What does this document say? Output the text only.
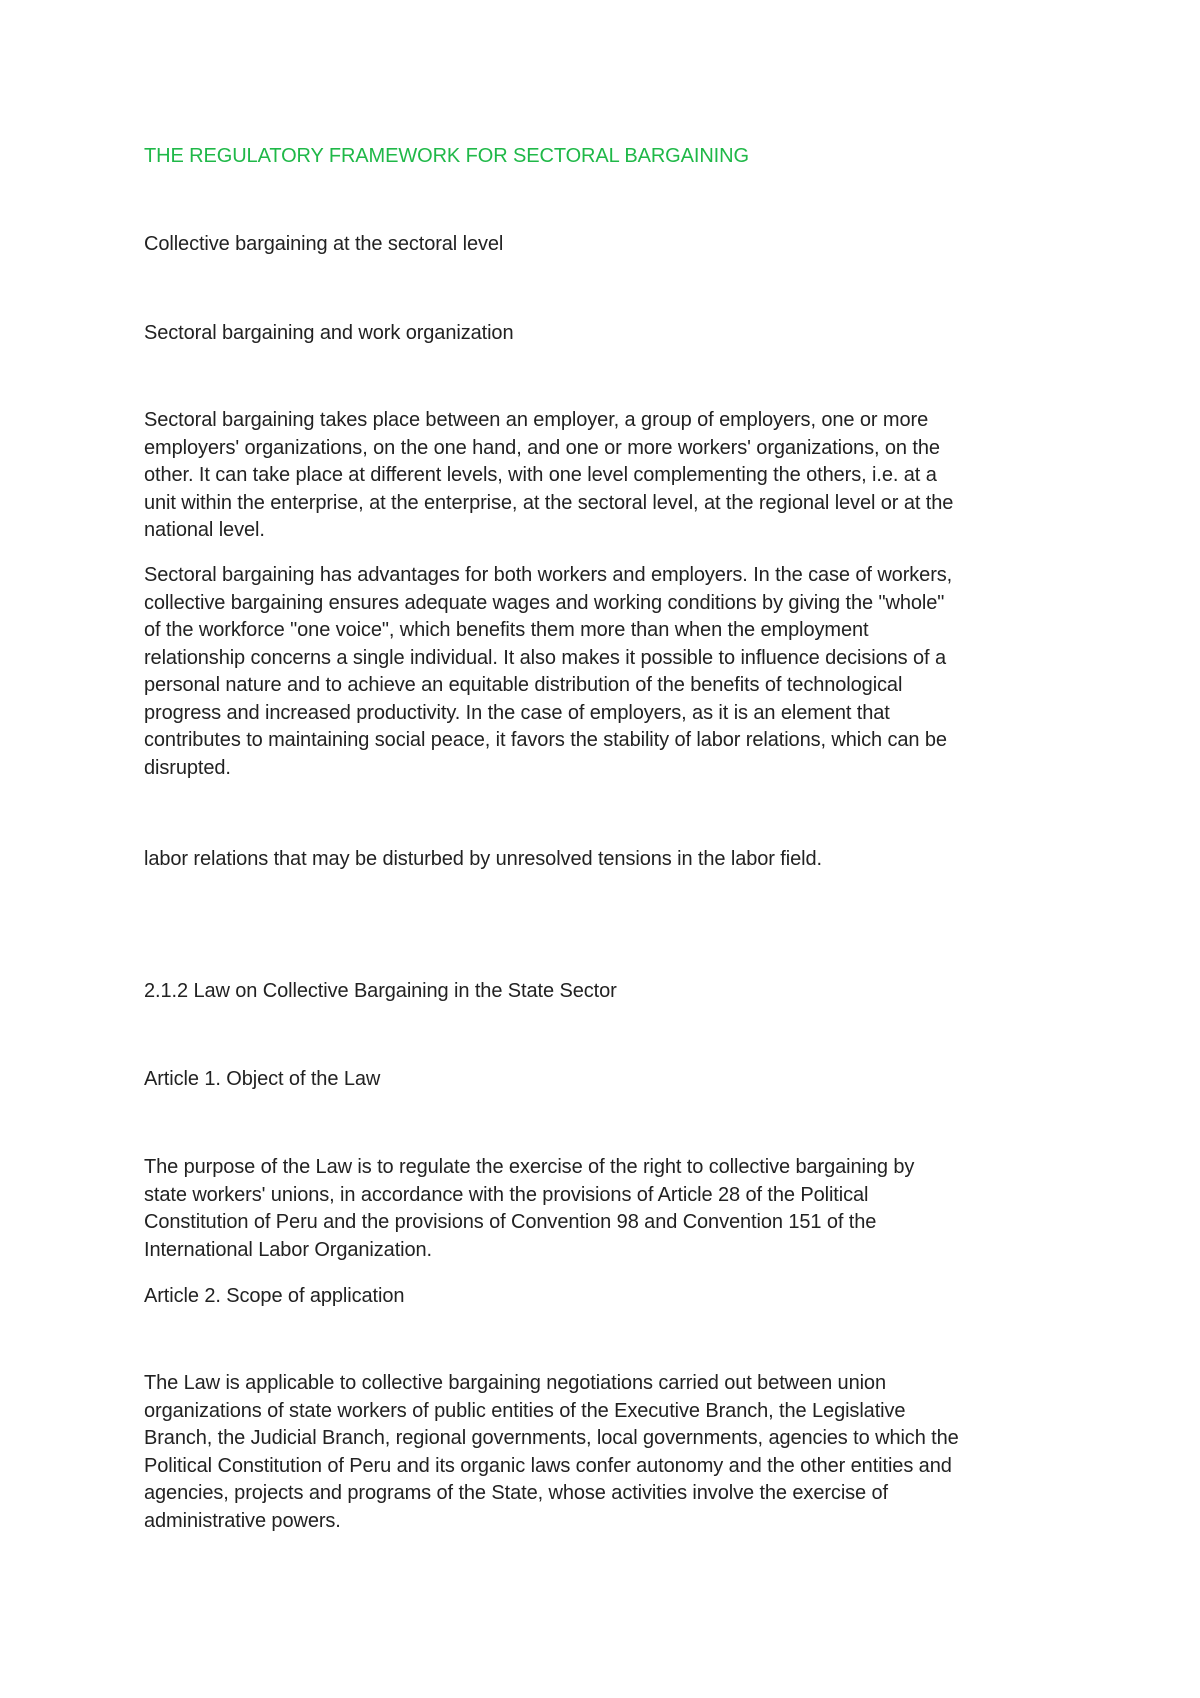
THE REGULATORY FRAMEWORK FOR SECTORAL BARGAINING

Collective bargaining at the sectoral level

Sectoral bargaining and work organization

Sectoral bargaining takes place between an employer, a group of employers, one or more
employers' organizations, on the one hand, and one or more workers' organizations, on the
other. It can take place at different levels, with one level complementing the others, i.e. at a
unit within the enterprise, at the enterprise, at the sectoral level, at the regional level or at the
national level.
Sectoral bargaining has advantages for both workers and employers. In the case of workers,
collective bargaining ensures adequate wages and working conditions by giving the "whole"
of the workforce "one voice", which benefits them more than when the employment
relationship concerns a single individual. It also makes it possible to influence decisions of a
personal nature and to achieve an equitable distribution of the benefits of technological
progress and increased productivity. In the case of employers, as it is an element that
contributes to maintaining social peace, it favors the stability of labor relations, which can be
disrupted.

labor relations that may be disturbed by unresolved tensions in the labor field.

2.1.2 Law on Collective Bargaining in the State Sector

Article 1. Object of the Law

The purpose of the Law is to regulate the exercise of the right to collective bargaining by
state workers' unions, in accordance with the provisions of Article 28 of the Political
Constitution of Peru and the provisions of Convention 98 and Convention 151 of the
International Labor Organization.

Article 2. Scope of application

The Law is applicable to collective bargaining negotiations carried out between union
organizations of state workers of public entities of the Executive Branch, the Legislative
Branch, the Judicial Branch, regional governments, local governments, agencies to which the
Political Constitution of Peru and its organic laws confer autonomy and the other entities and
agencies, projects and programs of the State, whose activities involve the exercise of
administrative powers.
